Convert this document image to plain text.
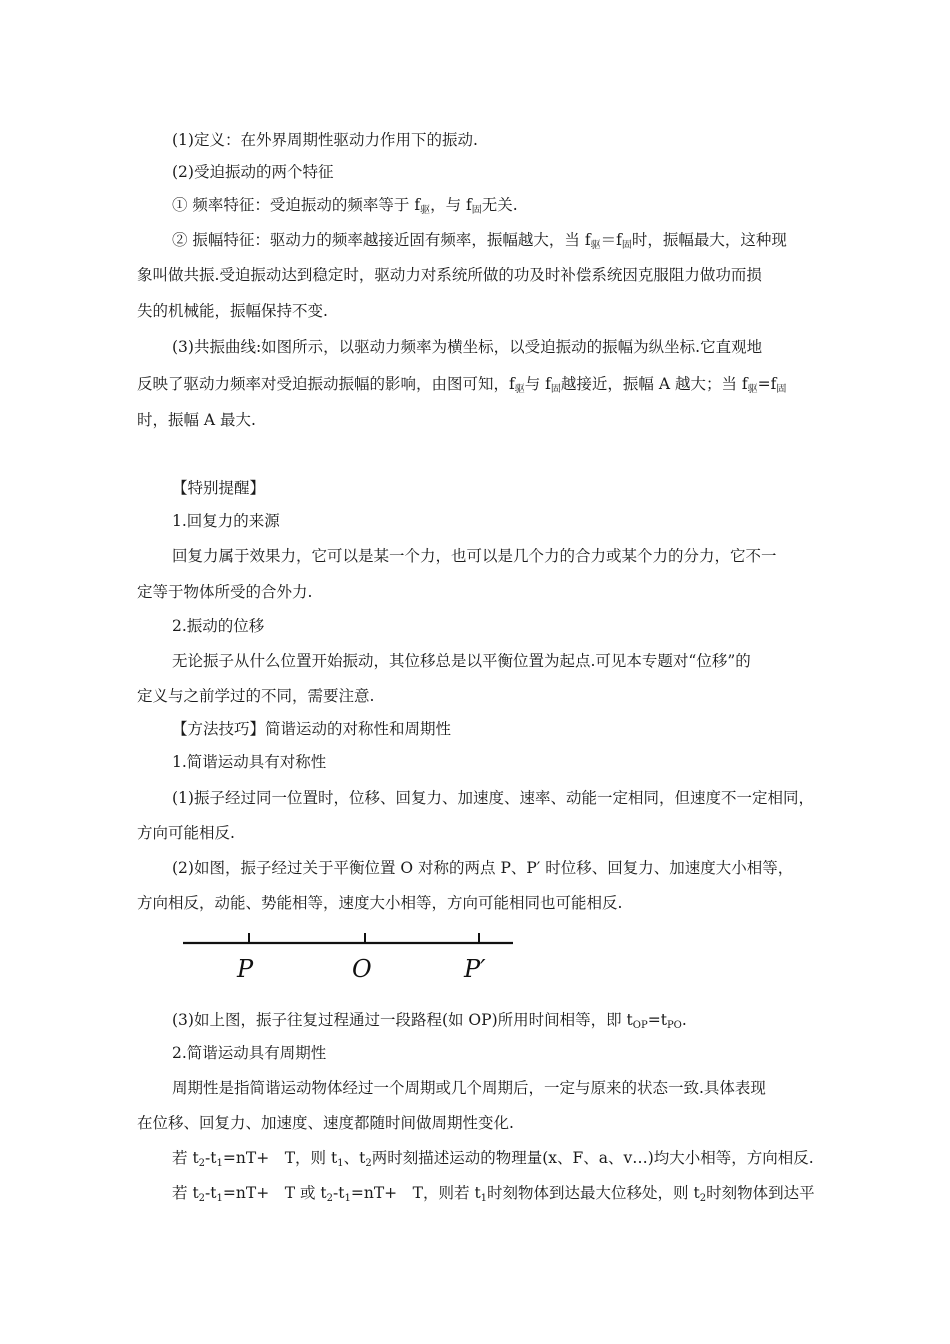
(1)定义：在外界周期性驱动力作用下的振动.
(2)受迫振动的两个特征
① 频率特征：受迫振动的频率等于 $f_驱$，与 $f_固$无关.
② 振幅特征：驱动力的频率越接近固有频率，振幅越大，当 $f_驱=f_固$时，振幅最大，这种现
象叫做共振.受迫振动达到稳定时，驱动力对系统所做的功及时补偿系统因克服阻力做功而损
失的机械能，振幅保持不变.
(3)共振曲线:如图所示，以驱动力频率为横坐标，以受迫振动的振幅为纵坐标.它直观地
反映了驱动力频率对受迫振动振幅的影响，由图可知，$f_驱$与 $f_固$越接近，振幅 A 越大；当 $f_驱=f_固$
时，振幅 A 最大.
【特别提醒】
1.回复力的来源
回复力属于效果力，它可以是某一个力，也可以是几个力的合力或某个力的分力，它不一
定等于物体所受的合外力.
2.振动的位移
无论振子从什么位置开始振动，其位移总是以平衡位置为起点.可见本专题对“位移”的
定义与之前学过的不同，需要注意.
【方法技巧】简谐运动的对称性和周期性
1.简谐运动具有对称性
(1)振子经过同一位置时，位移、回复力、加速度、速率、动能一定相同，但速度不一定相同，
方向可能相反.
(2)如图，振子经过关于平衡位置 O 对称的两点 P、P′ 时位移、回复力、加速度大小相等，
方向相反，动能、势能相等，速度大小相等，方向可能相同也可能相反.
P	O	P′
(3)如上图，振子往复过程通过一段路程(如 OP)所用时间相等，即 $t_{OP}=t_{PO}$.
2.简谐运动具有周期性
周期性是指简谐运动物体经过一个周期或几个周期后，一定与原来的状态一致.具体表现
在位移、回复力、加速度、速度都随时间做周期性变化.
若 $t_2-t_1=nT+$　T，则 $t_1$、$t_2$两时刻描述运动的物理量(x、F、a、v…)均大小相等，方向相反.
若 $t_2-t_1=nT+$　T 或 $t_2-t_1=nT+$　T，则若 $t_1$时刻物体到达最大位移处，则 $t_2$时刻物体到达平
